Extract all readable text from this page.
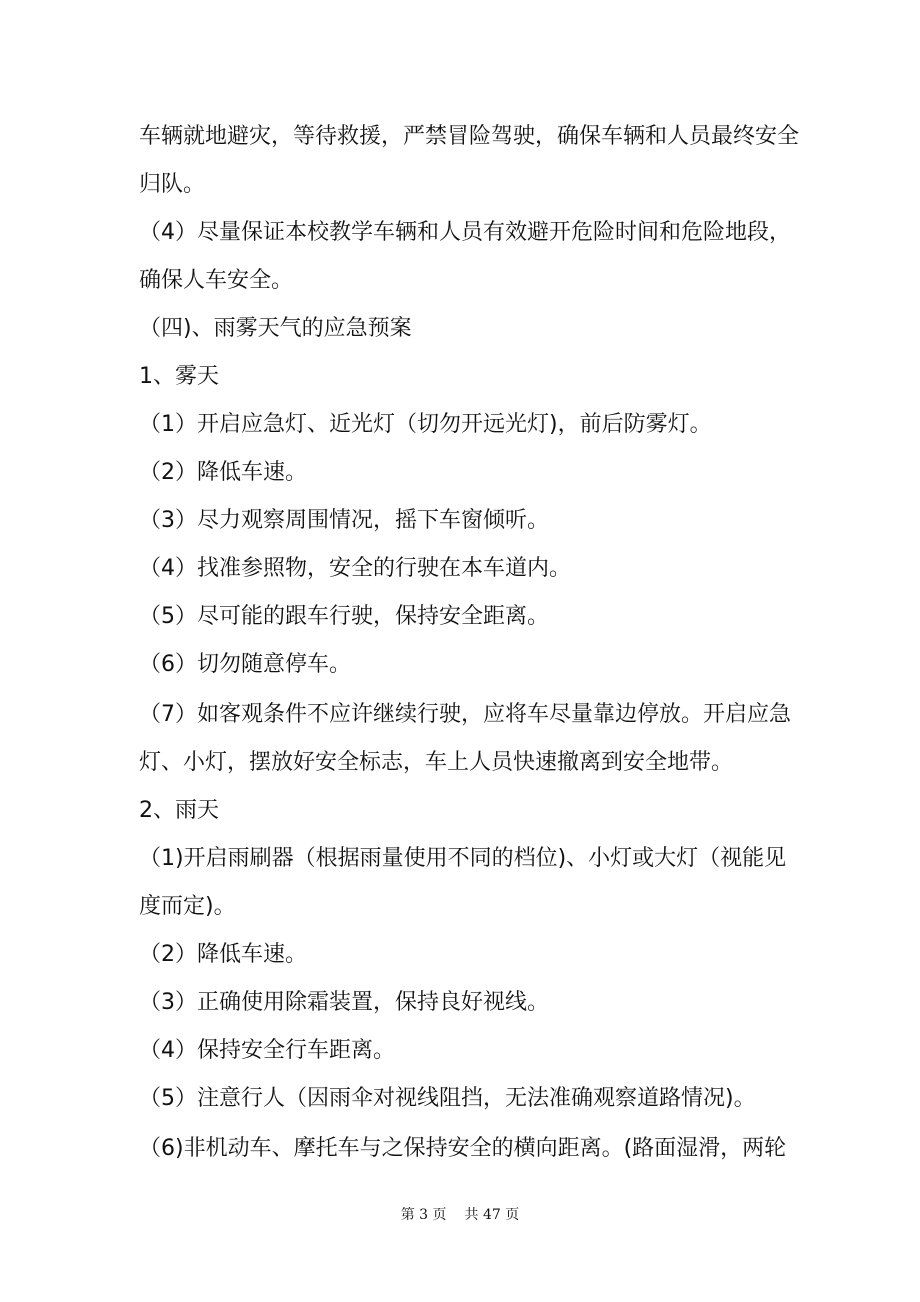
车辆就地避灾，等待救援，严禁冒险驾驶，确保车辆和人员最终安全
归队。
（4）尽量保证本校教学车辆和人员有效避开危险时间和危险地段，
确保人车安全。
（四)、雨雾天气的应急预案
1、雾天
（1）开启应急灯、近光灯（切勿开远光灯)，前后防雾灯。
（2）降低车速。
（3）尽力观察周围情况，摇下车窗倾听。
（4）找准参照物，安全的行驶在本车道内。
（5）尽可能的跟车行驶，保持安全距离。
（6）切勿随意停车。
（7）如客观条件不应许继续行驶，应将车尽量靠边停放。开启应急
灯、小灯，摆放好安全标志，车上人员快速撤离到安全地带。
2、雨天
（1)开启雨刷器（根据雨量使用不同的档位)、小灯或大灯（视能见
度而定)。
（2）降低车速。
（3）正确使用除霜装置，保持良好视线。
（4）保持安全行车距离。
（5）注意行人（因雨伞对视线阻挡，无法准确观察道路情况)。
（6)非机动车、摩托车与之保持安全的横向距离。(路面湿滑，两轮
第 3 页 共 47 页
